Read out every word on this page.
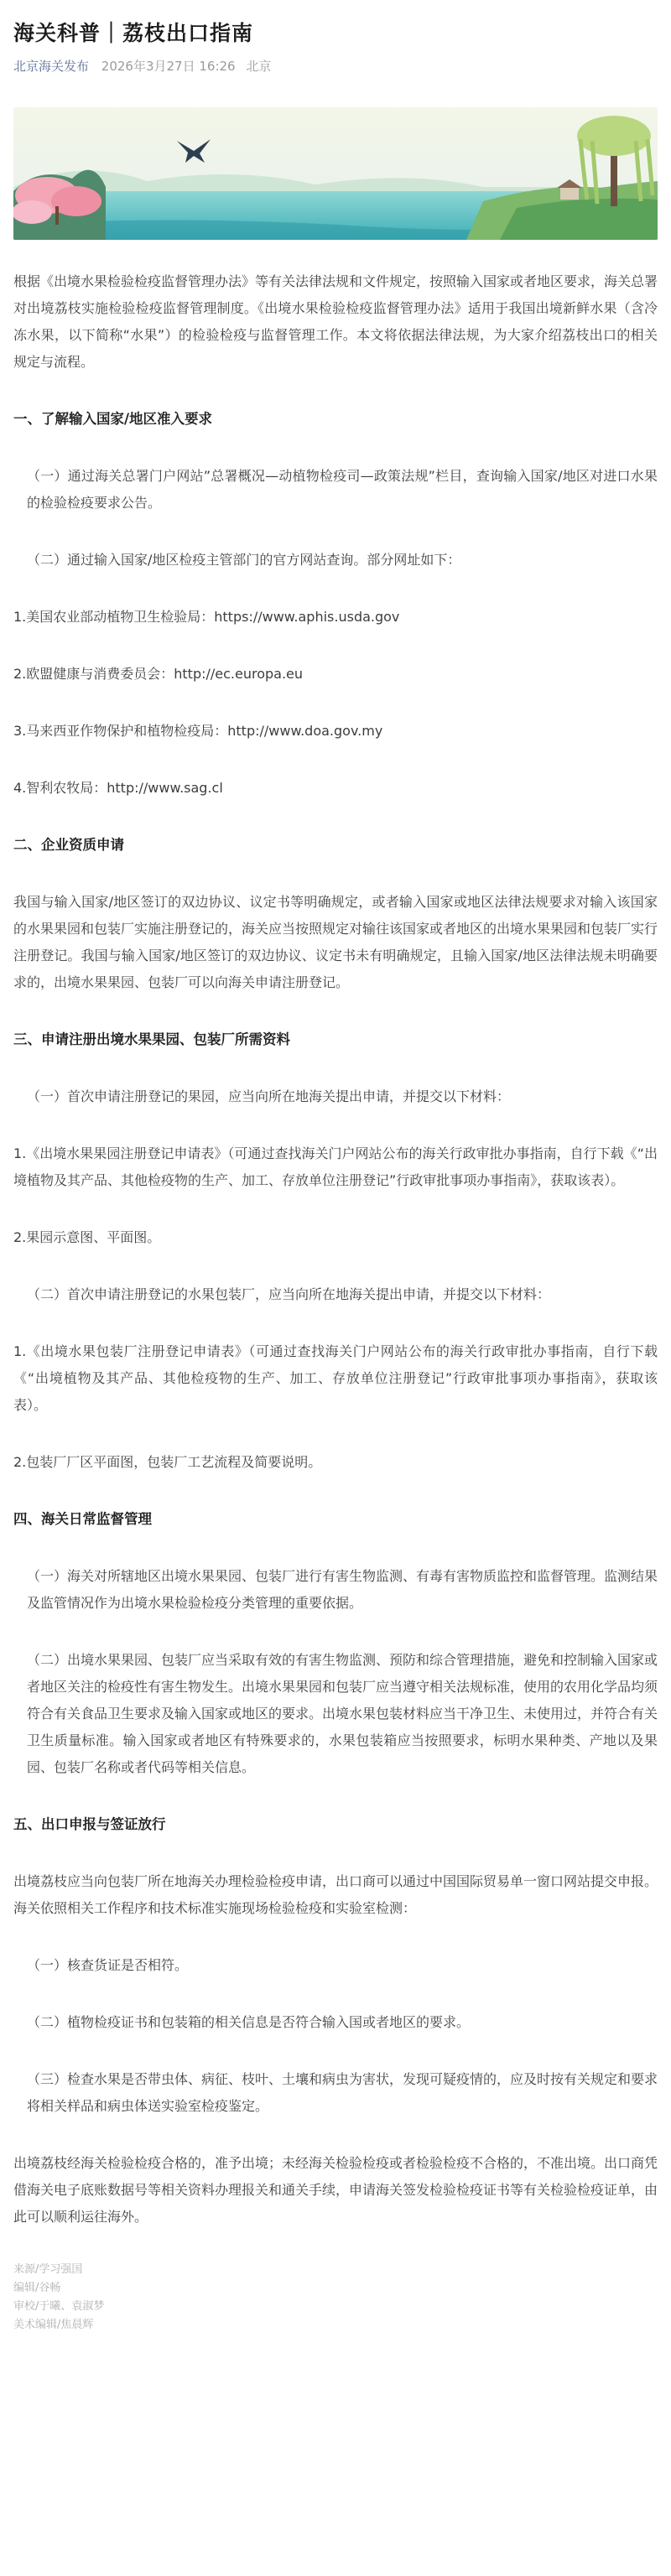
海关科普｜荔枝出口指南
北京海关发布 2026年3月27日 16:26 北京

根据《出境水果检验检疫监督管理办法》等有关法律法规和文件规定，按照输入国家或者地区要求，海关总署对出境荔枝实施检验检疫监督管理制度。《出境水果检验检疫监督管理办法》适用于我国出境新鲜水果（含冷冻水果，以下简称“水果”）的检验检疫与监督管理工作。本文将依据法律法规，为大家介绍荔枝出口的相关规定与流程。

一、了解输入国家/地区准入要求

（一）通过海关总署门户网站”总署概况—动植物检疫司—政策法规”栏目，查询输入国家/地区对进口水果的检验检疫要求公告。

（二）通过输入国家/地区检疫主管部门的官方网站查询。部分网址如下：

1.美国农业部动植物卫生检验局：https://www.aphis.usda.gov

2.欧盟健康与消费委员会：http://ec.europa.eu

3.马来西亚作物保护和植物检疫局：http://www.doa.gov.my

4.智利农牧局：http://www.sag.cl

二、企业资质申请

我国与输入国家/地区签订的双边协议、议定书等明确规定，或者输入国家或地区法律法规要求对输入该国家的水果果园和包装厂实施注册登记的，海关应当按照规定对输往该国家或者地区的出境水果果园和包装厂实行注册登记。我国与输入国家/地区签订的双边协议、议定书未有明确规定，且输入国家/地区法律法规未明确要求的，出境水果果园、包装厂可以向海关申请注册登记。

三、申请注册出境水果果园、包装厂所需资料

（一）首次申请注册登记的果园，应当向所在地海关提出申请，并提交以下材料：

1.《出境水果果园注册登记申请表》（可通过查找海关门户网站公布的海关行政审批办事指南，自行下载《“出境植物及其产品、其他检疫物的生产、加工、存放单位注册登记”行政审批事项办事指南》，获取该表）。

2.果园示意图、平面图。

（二）首次申请注册登记的水果包装厂，应当向所在地海关提出申请，并提交以下材料：

1.《出境水果包装厂注册登记申请表》（可通过查找海关门户网站公布的海关行政审批办事指南，自行下载《“出境植物及其产品、其他检疫物的生产、加工、存放单位注册登记”行政审批事项办事指南》，获取该表）。

2.包装厂厂区平面图，包装厂工艺流程及简要说明。

四、海关日常监督管理

（一）海关对所辖地区出境水果果园、包装厂进行有害生物监测、有毒有害物质监控和监督管理。监测结果及监管情况作为出境水果检验检疫分类管理的重要依据。

（二）出境水果果园、包装厂应当采取有效的有害生物监测、预防和综合管理措施，避免和控制输入国家或者地区关注的检疫性有害生物发生。出境水果果园和包装厂应当遵守相关法规标准，使用的农用化学品均须符合有关食品卫生要求及输入国家或地区的要求。出境水果包装材料应当干净卫生、未使用过，并符合有关卫生质量标准。输入国家或者地区有特殊要求的，水果包装箱应当按照要求，标明水果种类、产地以及果园、包装厂名称或者代码等相关信息。

五、出口申报与签证放行

出境荔枝应当向包装厂所在地海关办理检验检疫申请，出口商可以通过中国国际贸易单一窗口网站提交申报。海关依照相关工作程序和技术标准实施现场检验检疫和实验室检测：

（一）核查货证是否相符。

（二）植物检疫证书和包装箱的相关信息是否符合输入国或者地区的要求。

（三）检查水果是否带虫体、病征、枝叶、土壤和病虫为害状，发现可疑疫情的，应及时按有关规定和要求将相关样品和病虫体送实验室检疫鉴定。

出境荔枝经海关检验检疫合格的，准予出境；未经海关检验检疫或者检验检疫不合格的，不准出境。出口商凭借海关电子底账数据号等相关资料办理报关和通关手续，申请海关签发检验检疫证书等有关检验检疫证单，由此可以顺利运往海外。

来源/学习强国
编辑/谷畅
审校/于曦、袁淑梦
美术编辑/焦晨辉
